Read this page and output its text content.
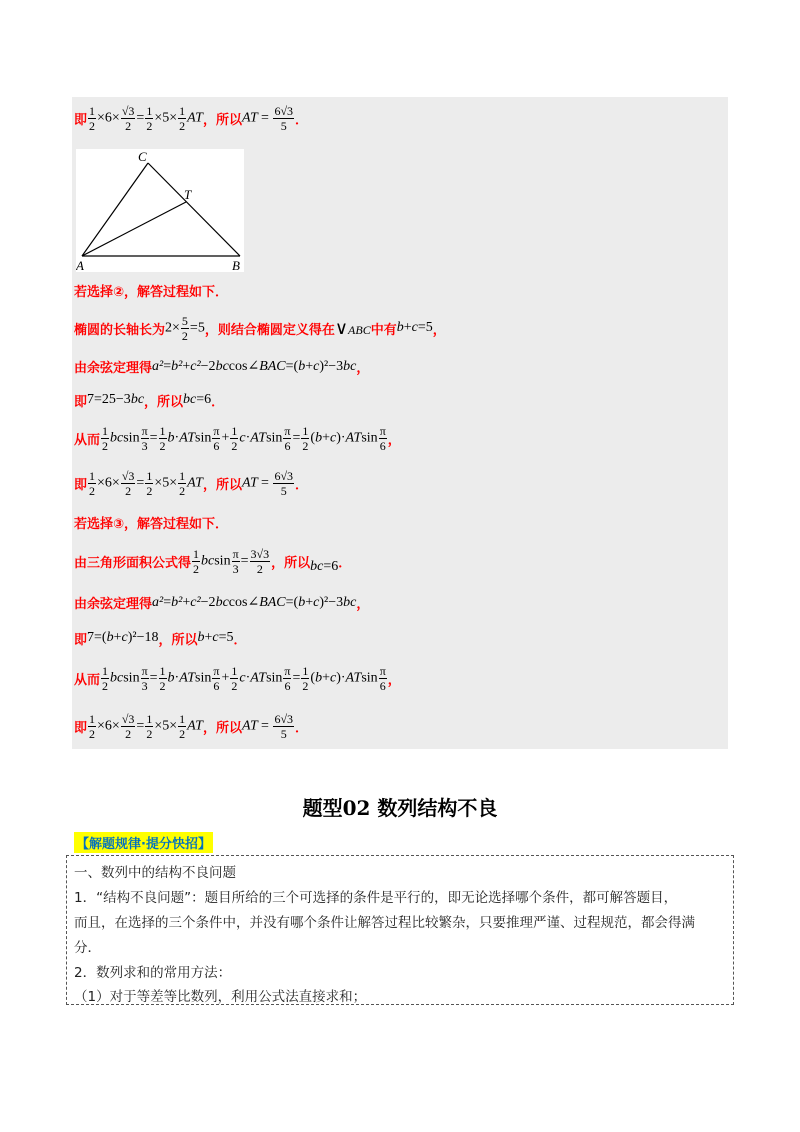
即 $\frac{1}{2} \times 6\times \frac{√3}{2} = \frac{1}{2} \times 5\times \frac{1}{2}$ AT ，所以 AT = $\frac{6√3}{5}$ ．
C
T
A	B
若选择②，解答过程如下．
椭圆的长轴长为 $2\times \frac{5}{2} =5$ ，则结合椭圆定义得在 ∨ABC 中有 b+c=5 ，
由余弦定理得 a²=b²+c²−2bccos∠BAC=(b+c)²−3bc ，
即 7=25−3bc ，所以 bc=6 ．
从而 $\frac{1}{2}$ bcsin $\frac{\pi}{3} = \frac{1}{2} b\cdot ATsin \frac{\pi}{6} + \frac{1}{2} c\cdot ATsin \frac{\pi}{6} = \frac{1}{2} (b+c)\cdot ATsin \frac{\pi}{6}$ ，
即 $\frac{1}{2} \times 6\times \frac{√3}{2} = \frac{1}{2} \times 5\times \frac{1}{2}$ AT ，所以 AT = $\frac{6√3}{5}$ ．
若选择③，解答过程如下．
由三角形面积公式得 $\frac{1}{2}$ bcsin $\frac{\pi}{3} = \frac{3√3}{2}$ ，所以 bc=6 ．
由余弦定理得 a²=b²+c²−2bccos∠BAC=(b+c)²−3bc ，
即 7=(b+c)²−18 ，所以 b+c=5 ．
从而 $\frac{1}{2}$ bcsin $\frac{\pi}{3} = \frac{1}{2} b\cdot ATsin \frac{\pi}{6} + \frac{1}{2} c\cdot ATsin \frac{\pi}{6} = \frac{1}{2} (b+c)\cdot ATsin \frac{\pi}{6}$ ，
即 $\frac{1}{2} \times 6\times \frac{√3}{2} = \frac{1}{2} \times 5\times \frac{1}{2}$ AT ，所以 AT = $\frac{6√3}{5}$ ．
题型02 数列结构不良
【解题规律·提分快招】
一、数列中的结构不良问题
1．“结构不良问题”：题目所给的三个可选择的条件是平行的，即无论选择哪个条件，都可解答题目，
而且，在选择的三个条件中，并没有哪个条件让解答过程比较繁杂，只要推理严谨、过程规范，都会得满
分．
2．数列求和的常用方法：
（1）对于等差等比数列，利用公式法直接求和；
